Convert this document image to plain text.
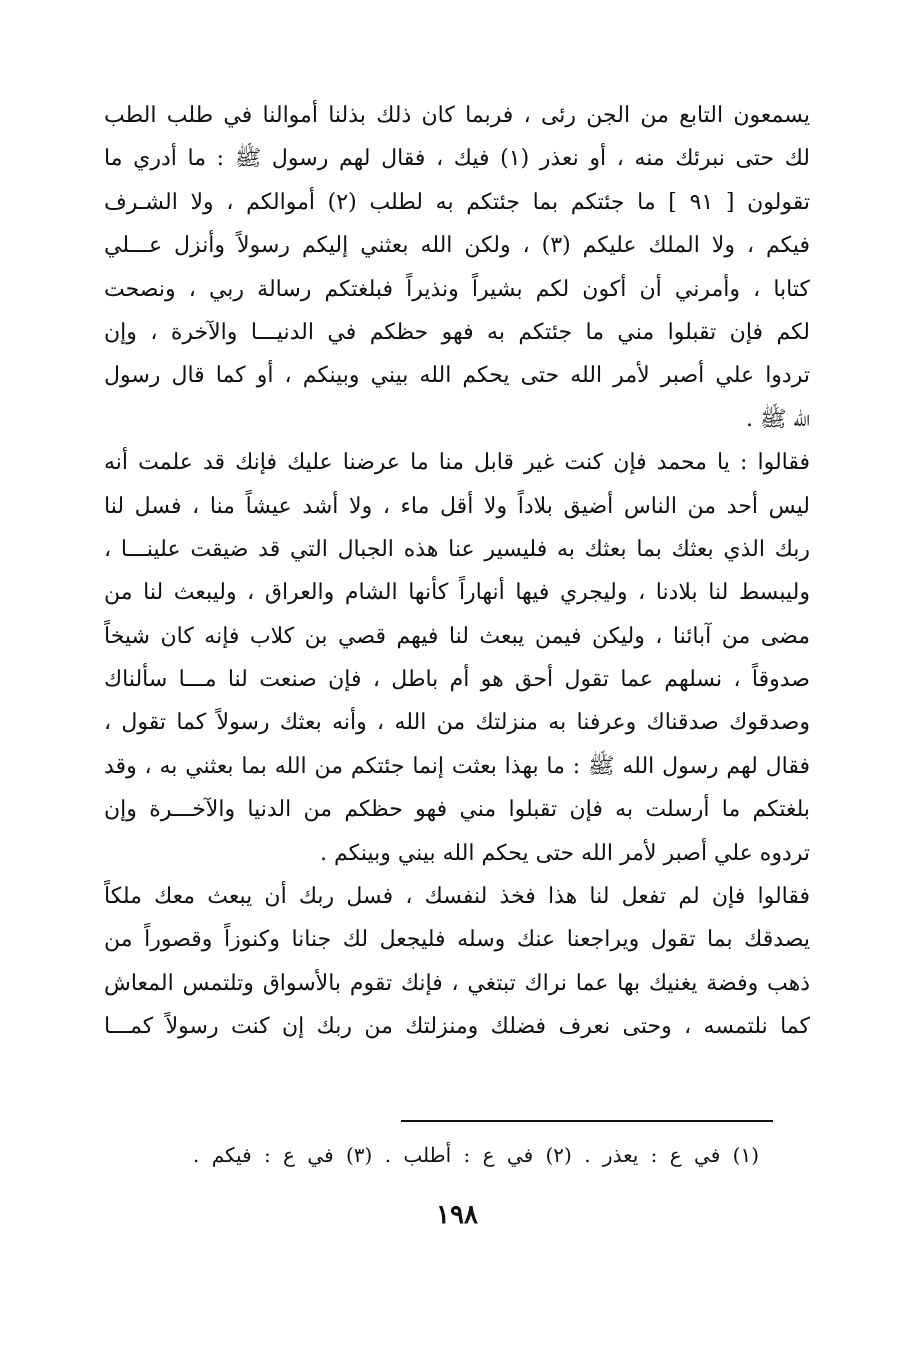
يسمعون التابع من الجن رئى ، فربما كان ذلك بذلنا أموالنا في طلب الطب
لك حتى نبرئك منه ، أو نعذر (١) فيك ، فقال لهم رسول ﷺ : ما أدري ما
تقولون [ ٩١ ] ما جئتكم بما جئتكم به لطلب (٢) أموالكم ، ولا الشـرف
فيكم ، ولا الملك عليكم (٣) ، ولكن الله بعثني إليكم رسولاً وأنزل عـــلي
كتابا ، وأمرني أن أكون لكم بشيراً ونذيراً فبلغتكم رسالة ربي ، ونصحت
لكم فإن تقبلوا مني ما جئتكم به فهو حظكم في الدنيـــا والآخرة ، وإن
تردوا علي أصبر لأمر الله حتى يحكم الله بيني وبينكم ، أو كما قال رسول
الله ﷺ .
فقالوا : يا محمد فإن كنت غير قابل منا ما عرضنا عليك فإنك قد علمت أنه
ليس أحد من الناس أضيق بلاداً ولا أقل ماء ، ولا أشد عيشاً منا ، فسل لنا
ربك الذي بعثك بما بعثك به فليسير عنا هذه الجبال التي قد ضيقت علينـــا ،
وليبسط لنا بلادنا ، وليجري فيها أنهاراً كأنها الشام والعراق ، وليبعث لنا من
مضى من آبائنا ، وليكن فيمن يبعث لنا فيهم قصي بن كلاب فإنه كان شيخاً
صدوقاً ، نسلهم عما تقول أحق هو أم باطل ، فإن صنعت لنا مـــا سألناك
وصدقوك صدقناك وعرفنا به منزلتك من الله ، وأنه بعثك رسولاً كما تقول ،
فقال لهم رسول الله ﷺ : ما بهذا بعثت إنما جئتكم من الله بما بعثني به ، وقد
بلغتكم ما أرسلت به فإن تقبلوا مني فهو حظكم من الدنيا والآخـــرة وإن
تردوه علي أصبر لأمر الله حتى يحكم الله بيني وبينكم .
فقالوا فإن لم تفعل لنا هذا فخذ لنفسك ، فسل ربك أن يبعث معك ملكاً
يصدقك بما تقول ويراجعنا عنك وسله فليجعل لك جنانا وكنوزاً وقصوراً من
ذهب وفضة يغنيك بها عما نراك تبتغي ، فإنك تقوم بالأسواق وتلتمس المعاش
كما نلتمسه ، وحتى نعرف فضلك ومنزلتك من ربك إن كنت رسولاً كمـــا
(١) في ع : يعذر . (٢) في ع : أطلب . (٣) في ع : فيكم .
١٩٨
